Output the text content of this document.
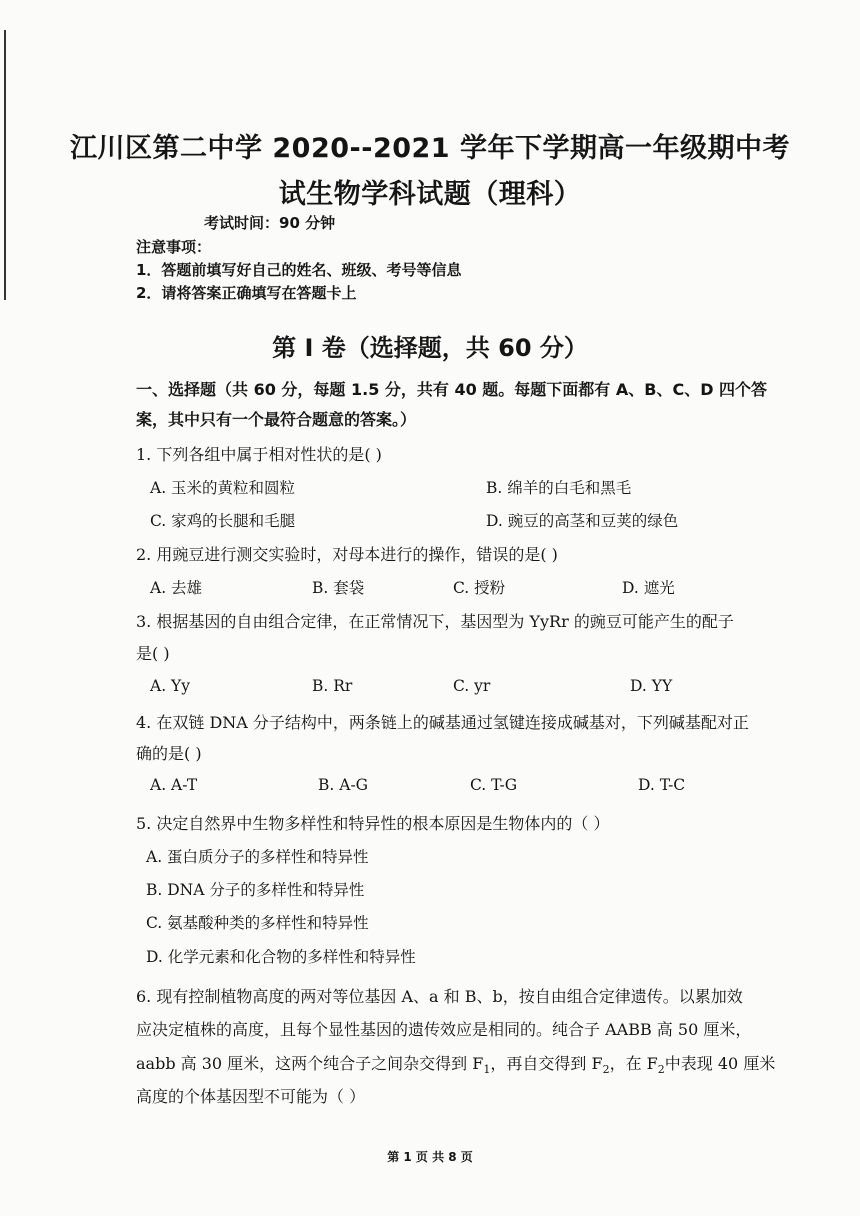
江川区第二中学 2020--2021 学年下学期高一年级期中考
试生物学科试题（理科）
考试时间：90 分钟
注意事项：
1．答题前填写好自己的姓名、班级、考号等信息
2．请将答案正确填写在答题卡上
第 I 卷（选择题，共 60 分）
一、选择题（共 60 分，每题 1.5 分，共有 40 题。每题下面都有 A、B、C、D 四个答
案，其中只有一个最符合题意的答案。）
1. 下列各组中属于相对性状的是( )
A. 玉米的黄粒和圆粒	B. 绵羊的白毛和黑毛
C. 家鸡的长腿和毛腿	D. 豌豆的高茎和豆荚的绿色
2. 用豌豆进行测交实验时，对母本进行的操作，错误的是( )
A. 去雄	B. 套袋	C. 授粉	D. 遮光
3. 根据基因的自由组合定律，在正常情况下，基因型为 YyRr 的豌豆可能产生的配子
是( )
A. Yy	B. Rr	C. yr	D. YY
4. 在双链 DNA 分子结构中，两条链上的碱基通过氢键连接成碱基对，下列碱基配对正
确的是( )
A. A-T	B. A-G	C. T-G	D. T-C
5. 决定自然界中生物多样性和特异性的根本原因是生物体内的（ ）
A. 蛋白质分子的多样性和特异性
B. DNA 分子的多样性和特异性
C. 氨基酸种类的多样性和特异性
D. 化学元素和化合物的多样性和特异性
6. 现有控制植物高度的两对等位基因 A、a 和 B、b，按自由组合定律遗传。以累加效
应决定植株的高度，且每个显性基因的遗传效应是相同的。纯合子 AABB 高 50 厘米，
aabb 高 30 厘米，这两个纯合子之间杂交得到 $F_1$，再自交得到 $F_2$，在 $F_2$中表现 40 厘米
高度的个体基因型不可能为（ ）
第 1 页 共 8 页
